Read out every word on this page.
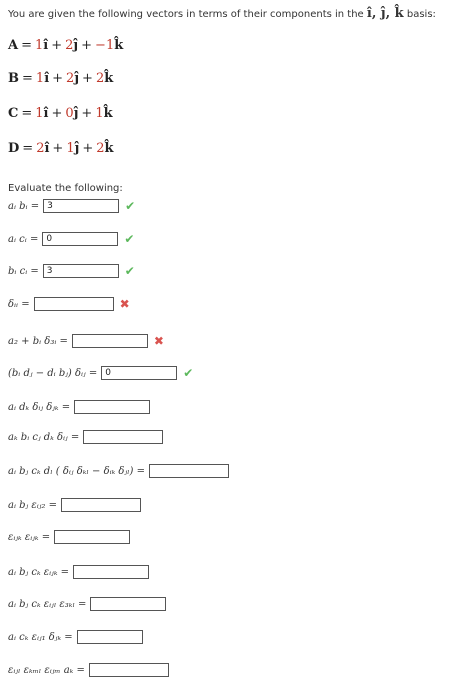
You are given the following vectors in terms of their components in the î, ĵ, k̂ basis:
A = 1î + 2ĵ + −1k̂
B = 1î + 2ĵ + 2k̂
C = 1î + 0ĵ + 1k̂
D = 2î + 1ĵ + 2k̂
Evaluate the following:
aᵢ bᵢ = 3	✔
aᵢ cᵢ = 0	✔
bᵢ cᵢ = 3	✔
δᵢᵢ =	✖
a₂ + bᵢ δ₃ᵢ =	✖
(bᵢ dⱼ − dᵢ bⱼ) δᵢⱼ = 0	✔
aᵢ dₖ δᵢⱼ δⱼₖ =
aₖ bᵢ cⱼ dₖ δᵢⱼ =
aᵢ bⱼ cₖ dₗ ( δᵢⱼ δₖₗ − δᵢₖ δⱼₗ) =
aᵢ bⱼ εᵢⱼ₂ =
εᵢⱼₖ εᵢⱼₖ =
aᵢ bⱼ cₖ εᵢⱼₖ =
aᵢ bⱼ cₖ εᵢⱼₗ ε₃ₖₗ =
aᵢ cₖ εᵢⱼ₁ δⱼₖ =
εᵢⱼₗ εₖₘₗ εᵢⱼₘ aₖ =
